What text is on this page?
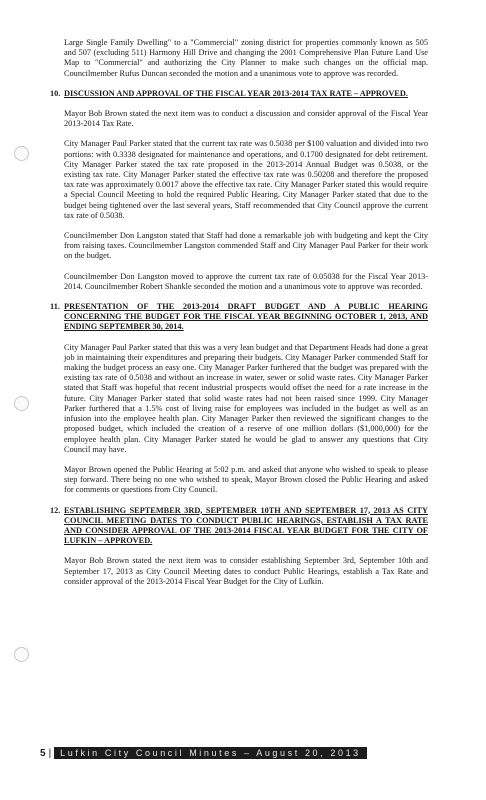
Large Single Family Dwelling" to a "Commercial" zoning district for properties commonly known as 505 and 507 (excluding 511) Harmony Hill Drive and changing the 2001 Comprehensive Plan Future Land Use Map to "Commercial" and authorizing the City Planner to make such changes on the official map. Councilmember Rufus Duncan seconded the motion and a unanimous vote to approve was recorded.

10. DISCUSSION AND APPROVAL OF THE FISCAL YEAR 2013-2014 TAX RATE – APPROVED.

Mayor Bob Brown stated the next item was to conduct a discussion and consider approval of the Fiscal Year 2013-2014 Tax Rate.

City Manager Paul Parker stated that the current tax rate was 0.5038 per $100 valuation and divided into two portions: with 0.3338 designated for maintenance and operations, and 0.1700 designated for debt retirement. City Manager Parker stated the tax rate proposed in the 2013-2014 Annual Budget was 0.5038, or the existing tax rate. City Manager Parker stated the effective tax rate was 0.50208 and therefore the proposed tax rate was approximately 0.0017 above the effective tax rate. City Manager Parker stated this would require a Special Council Meeting to hold the required Public Hearing. City Manager Parker stated that due to the budget being tightened over the last several years, Staff recommended that City Council approve the current tax rate of 0.5038.

Councilmember Don Langston stated that Staff had done a remarkable job with budgeting and kept the City from raising taxes. Councilmember Langston commended Staff and City Manager Paul Parker for their work on the budget.

Councilmember Don Langston moved to approve the current tax rate of 0.05038 for the Fiscal Year 2013-2014. Councilmember Robert Shankle seconded the motion and a unanimous vote to approve was recorded.

11. PRESENTATION OF THE 2013-2014 DRAFT BUDGET AND A PUBLIC HEARING CONCERNING THE BUDGET FOR THE FISCAL YEAR BEGINNING OCTOBER 1, 2013, AND ENDING SEPTEMBER 30, 2014.

City Manager Paul Parker stated that this was a very lean budget and that Department Heads had done a great job in maintaining their expenditures and preparing their budgets. City Manager Parker commended Staff for making the budget process an easy one. City Manager Parker furthered that the budget was prepared with the existing tax rate of 0.5038 and without an increase in water, sewer or solid waste rates. City Manager Parker stated that Staff was hopeful that recent industrial prospects would offset the need for a rate increase in the future. City Manager Parker stated that solid waste rates had not been raised since 1999. City Manager Parker furthered that a 1.5% cost of living raise for employees was included in the budget as well as an infusion into the employee health plan. City Manager Parker then reviewed the significant changes to the proposed budget, which included the creation of a reserve of one million dollars ($1,000,000) for the employee health plan. City Manager Parker stated he would be glad to answer any questions that City Council may have.

Mayor Brown opened the Public Hearing at 5:02 p.m. and asked that anyone who wished to speak to please step forward. There being no one who wished to speak, Mayor Brown closed the Public Hearing and asked for comments or questions from City Council.

12. ESTABLISHING SEPTEMBER 3RD, SEPTEMBER 10TH AND SEPTEMBER 17, 2013 AS CITY COUNCIL MEETING DATES TO CONDUCT PUBLIC HEARINGS, ESTABLISH A TAX RATE AND CONSIDER APPROVAL OF THE 2013-2014 FISCAL YEAR BUDGET FOR THE CITY OF LUFKIN – APPROVED.

Mayor Bob Brown stated the next item was to consider establishing September 3rd, September 10th and September 17, 2013 as City Council Meeting dates to conduct Public Hearings, establish a Tax Rate and consider approval of the 2013-2014 Fiscal Year Budget for the City of Lufkin.

5 |	Lufkin City Council Minutes – August 20, 2013
